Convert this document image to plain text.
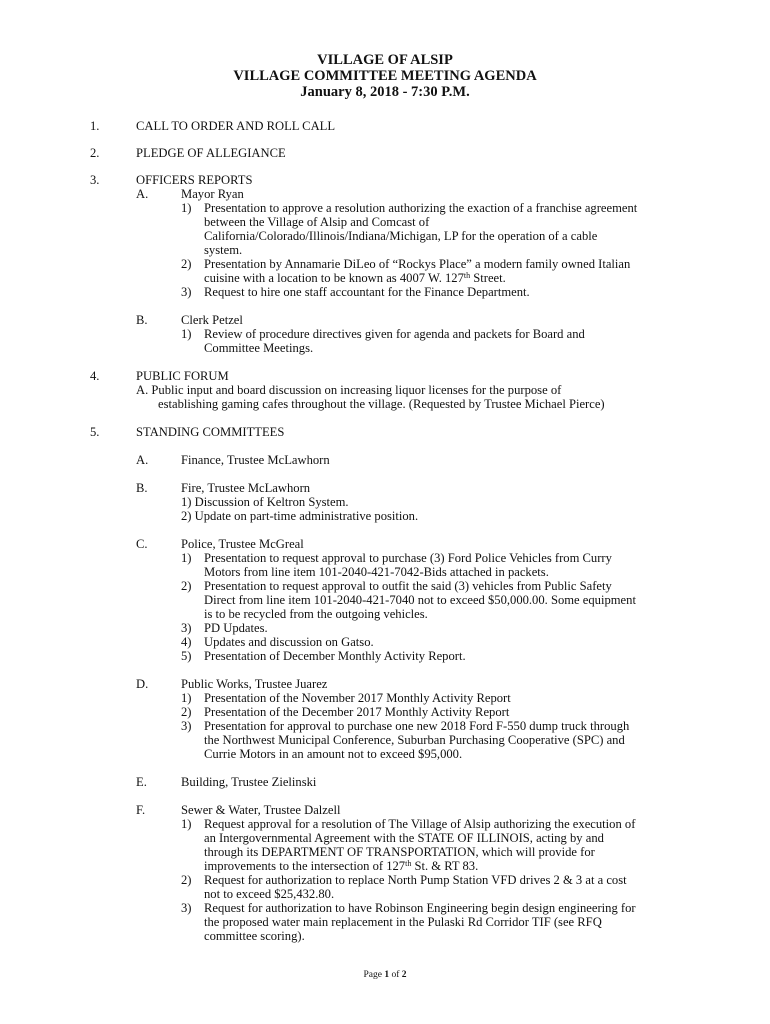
VILLAGE OF ALSIP
VILLAGE COMMITTEE MEETING AGENDA
January 8, 2018 - 7:30 P.M.
1.	CALL TO ORDER AND ROLL CALL
2.	PLEDGE OF ALLEGIANCE
3.	OFFICERS REPORTS
A.	Mayor Ryan
1) Presentation to approve a resolution authorizing the exaction of a franchise agreement
between the Village of Alsip and Comcast of
California/Colorado/Illinois/Indiana/Michigan, LP for the operation of a cable
system.
2) Presentation by Annamarie DiLeo of “Rockys Place” a modern family owned Italian
cuisine with a location to be known as 4007 W. 127th Street.
3) Request to hire one staff accountant for the Finance Department.
B.	Clerk Petzel
1) Review of procedure directives given for agenda and packets for Board and
Committee Meetings.
4.	PUBLIC FORUM
A. Public input and board discussion on increasing liquor licenses for the purpose of
establishing gaming cafes throughout the village. (Requested by Trustee Michael Pierce)
5.	STANDING COMMITTEES
A.	Finance, Trustee McLawhorn
B.	Fire, Trustee McLawhorn
1) Discussion of Keltron System.
2) Update on part-time administrative position.
C.	Police, Trustee McGreal
1) Presentation to request approval to purchase (3) Ford Police Vehicles from Curry
Motors from line item 101-2040-421-7042-Bids attached in packets.
2) Presentation to request approval to outfit the said (3) vehicles from Public Safety
Direct from line item 101-2040-421-7040 not to exceed $50,000.00. Some equipment
is to be recycled from the outgoing vehicles.
3) PD Updates.
4) Updates and discussion on Gatso.
5) Presentation of December Monthly Activity Report.
D.	Public Works, Trustee Juarez
1) Presentation of the November 2017 Monthly Activity Report
2) Presentation of the December 2017 Monthly Activity Report
3) Presentation for approval to purchase one new 2018 Ford F-550 dump truck through
the Northwest Municipal Conference, Suburban Purchasing Cooperative (SPC) and
Currie Motors in an amount not to exceed $95,000.
E.	Building, Trustee Zielinski
F.	Sewer & Water, Trustee Dalzell
1) Request approval for a resolution of The Village of Alsip authorizing the execution of
an Intergovernmental Agreement with the STATE OF ILLINOIS, acting by and
through its DEPARTMENT OF TRANSPORTATION, which will provide for
improvements to the intersection of 127th St. & RT 83.
2) Request for authorization to replace North Pump Station VFD drives 2 & 3 at a cost
not to exceed $25,432.80.
3) Request for authorization to have Robinson Engineering begin design engineering for
the proposed water main replacement in the Pulaski Rd Corridor TIF (see RFQ
committee scoring).
Page 1 of 2
